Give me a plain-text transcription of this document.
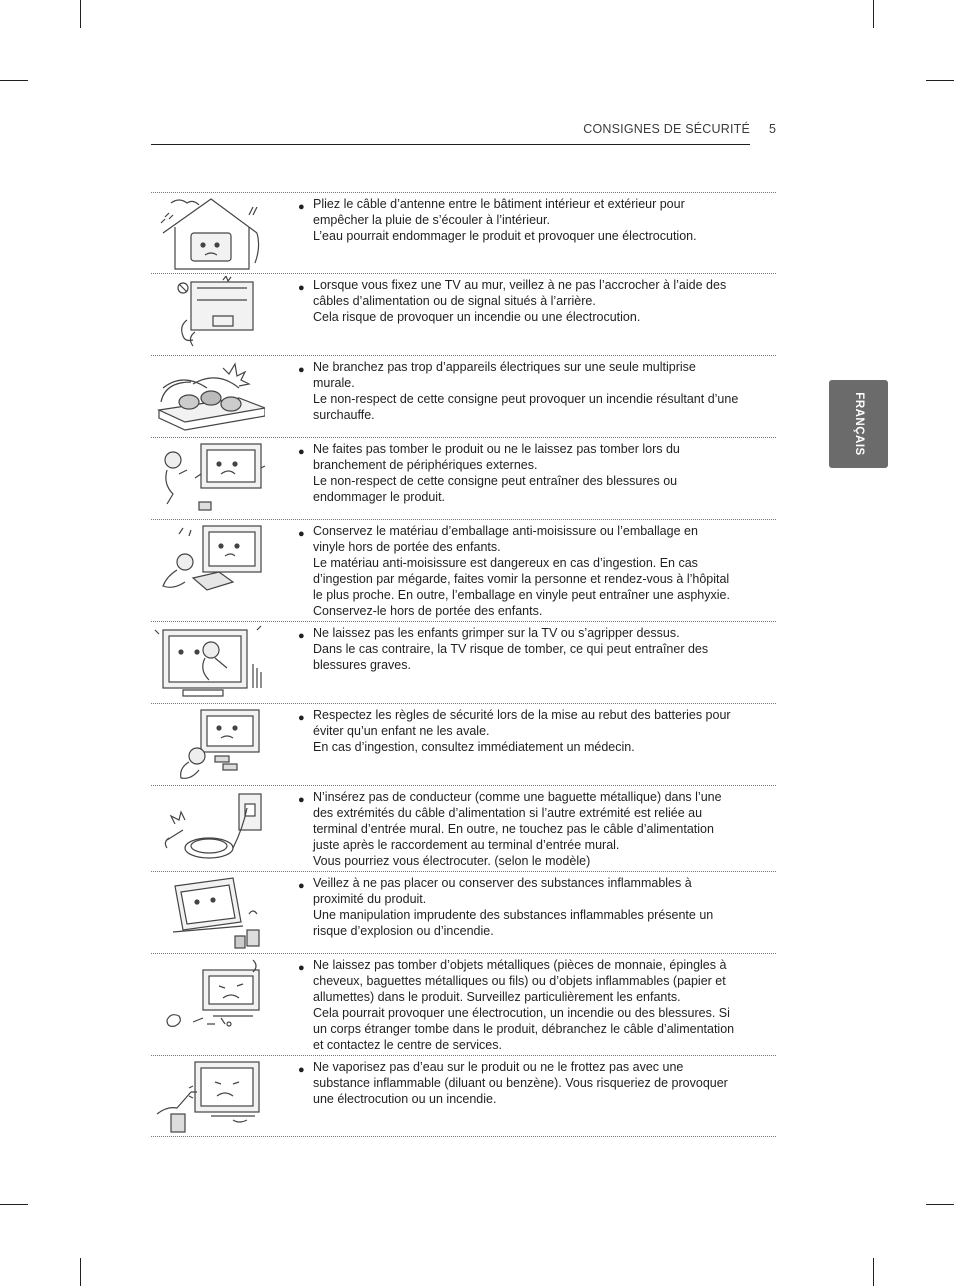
CONSIGNES DE SÉCURITÉ 5
FRANÇAIS
● Pliez le câble d’antenne entre le bâtiment intérieur et extérieur pour
empêcher la pluie de s’écouler à l’intérieur.
L’eau pourrait endommager le produit et provoquer une électrocution.
● Lorsque vous fixez une TV au mur, veillez à ne pas l’accrocher à l’aide des
câbles d’alimentation ou de signal situés à l’arrière.
Cela risque de provoquer un incendie ou une électrocution.
● Ne branchez pas trop d’appareils électriques sur une seule multiprise
murale.
Le non-respect de cette consigne peut provoquer un incendie résultant d’une
surchauffe.
● Ne faites pas tomber le produit ou ne le laissez pas tomber lors du
branchement de périphériques externes.
Le non-respect de cette consigne peut entraîner des blessures ou
endommager le produit.
● Conservez le matériau d’emballage anti-moisissure ou l’emballage en
vinyle hors de portée des enfants.
Le matériau anti-moisissure est dangereux en cas d’ingestion. En cas
d’ingestion par mégarde, faites vomir la personne et rendez-vous à l’hôpital
le plus proche. En outre, l’emballage en vinyle peut entraîner une asphyxie.
Conservez-le hors de portée des enfants.
● Ne laissez pas les enfants grimper sur la TV ou s’agripper dessus.
Dans le cas contraire, la TV risque de tomber, ce qui peut entraîner des
blessures graves.
● Respectez les règles de sécurité lors de la mise au rebut des batteries pour
éviter qu’un enfant ne les avale.
En cas d’ingestion, consultez immédiatement un médecin.
● N’insérez pas de conducteur (comme une baguette métallique) dans l’une
des extrémités du câble d’alimentation si l’autre extrémité est reliée au
terminal d’entrée mural. En outre, ne touchez pas le câble d’alimentation
juste après le raccordement au terminal d’entrée mural.
Vous pourriez vous électrocuter. (selon le modèle)
● Veillez à ne pas placer ou conserver des substances inflammables à
proximité du produit.
Une manipulation imprudente des substances inflammables présente un
risque d’explosion ou d’incendie.
● Ne laissez pas tomber d’objets métalliques (pièces de monnaie, épingles à
cheveux, baguettes métalliques ou fils) ou d’objets inflammables (papier et
allumettes) dans le produit. Surveillez particulièrement les enfants.
Cela pourrait provoquer une électrocution, un incendie ou des blessures. Si
un corps étranger tombe dans le produit, débranchez le câble d’alimentation
et contactez le centre de services.
● Ne vaporisez pas d’eau sur le produit ou ne le frottez pas avec une
substance inflammable (diluant ou benzène). Vous risqueriez de provoquer
une électrocution ou un incendie.
